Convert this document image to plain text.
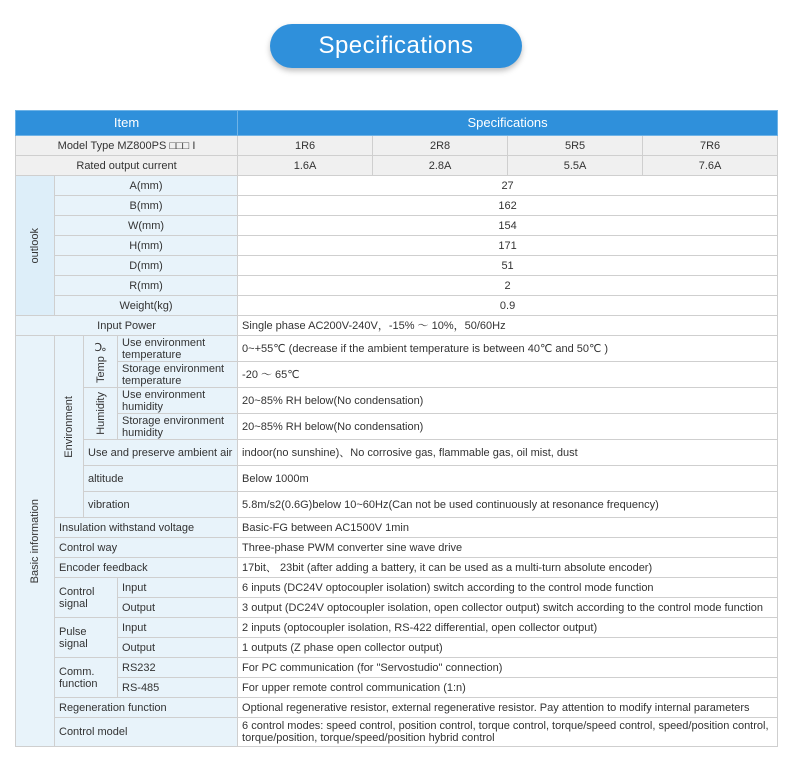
Specifications
Item				Specifications			
Model Type MZ800PS □□□ I				1R6	2R8	5R5	7R6
Rated output current				1.6A	2.8A	5.5A	7.6A

outlook	A(mm)			27			
	B(mm)			162			
	W(mm)			154			
	H(mm)			171			
	D(mm)			51			
	R(mm)			2			
	Weight(kg)			0.9			
Input Power				Single phase AC200V-240V，-15% ～ 10%，50/60Hz			

Basic information	Environment	Temp ℃	Use environment temperature	0~+55℃ (decrease if the ambient temperature is between 40℃ and 50℃ )			
			Storage environment temperature	-20 ～ 65℃			

		Humidity	Use environment humidity	20~85% RH below(No condensation)			
			Storage environment humidity	20~85% RH below(No condensation)			
		Use and preserve ambient air		indoor(no sunshine)、No corrosive gas, flammable gas, oil mist, dust			
		altitude		Below 1000m			
		vibration		5.8m/s2(0.6G)below 10~60Hz(Can not be used continuously at resonance frequency)			
	Insulation withstand voltage			Basic-FG between AC1500V 1min			
	Control way			Three-phase PWM converter sine wave drive			
	Encoder feedback			17bit、 23bit (after adding a battery, it can be used as a multi-turn absolute encoder)			
	Control signal		Input	6 inputs (DC24V optocoupler isolation) switch according to the control mode function			
			Output	3 output (DC24V optocoupler isolation, open collector output) switch according to the control mode function			
	Pulse signal		Input	2 inputs (optocoupler isolation, RS-422 differential, open collector output)			
			Output	1 outputs (Z phase open collector output)			
	Comm. function		RS232	For PC communication (for "Servostudio" connection)			
			RS-485	For upper remote control communication (1:n)			
	Regeneration function			Optional regenerative resistor, external regenerative resistor. Pay attention to modify internal parameters			
	Control model			6 control modes: speed control, position control, torque control, torque/speed control, speed/position control, torque/position, torque/speed/position hybrid control			
